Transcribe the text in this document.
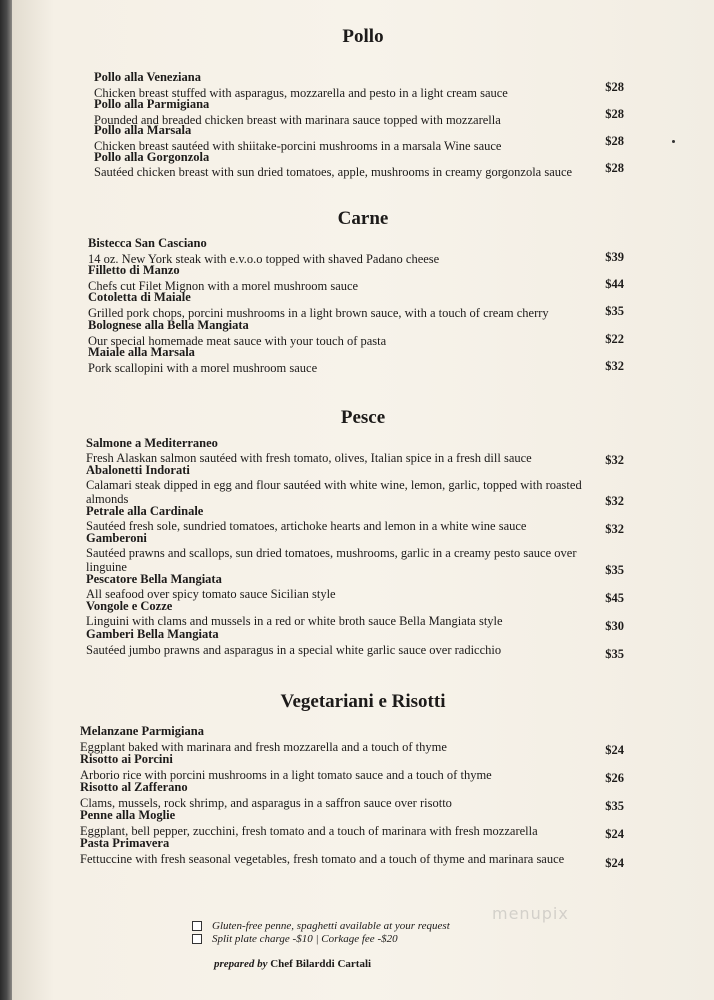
Pollo
Pollo alla Veneziana
Chicken breast stuffed with asparagus, mozzarella and pesto in a light cream sauce	$28
Pollo alla Parmigiana
Pounded and breaded chicken breast with marinara sauce topped with mozzarella	$28
Pollo alla Marsala
Chicken breast sautéed with shiitake-porcini mushrooms in a marsala Wine sauce	$28
Pollo alla Gorgonzola
Sautéed chicken breast with sun dried tomatoes, apple, mushrooms in creamy gorgonzola sauce	$28
Carne
Bistecca San Casciano
14 oz. New York steak with e.v.o.o topped with shaved Padano cheese	$39
Filletto di Manzo
Chefs cut Filet Mignon with a morel mushroom sauce	$44
Cotoletta di Maiale
Grilled pork chops, porcini mushrooms in a light brown sauce, with a touch of cream cherry	$35
Bolognese alla Bella Mangiata
Our special homemade meat sauce with your touch of pasta	$22
Maiale alla Marsala
Pork scallopini with a morel mushroom sauce	$32
Pesce
Salmone a Mediterraneo
Fresh Alaskan salmon sautéed with fresh tomato, olives, Italian spice in a fresh dill sauce	$32
Abalonetti Indorati
Calamari steak dipped in egg and flour sautéed with white wine, lemon, garlic, topped with roasted almonds	$32
Petrale alla Cardinale
Sautéed fresh sole, sundried tomatoes, artichoke hearts and lemon in a white wine sauce	$32
Gamberoni
Sautéed prawns and scallops, sun dried tomatoes, mushrooms, garlic in a creamy pesto sauce over linguine	$35
Pescatore Bella Mangiata
All seafood over spicy tomato sauce Sicilian style	$45
Vongole e Cozze
Linguini with clams and mussels in a red or white broth sauce Bella Mangiata style	$30
Gamberi Bella Mangiata
Sautéed jumbo prawns and asparagus in a special white garlic sauce over radicchio	$35
Vegetariani e Risotti
Melanzane Parmigiana
Eggplant baked with marinara and fresh mozzarella and a touch of thyme	$24
Risotto ai Porcini
Arborio rice with porcini mushrooms in a light tomato sauce and a touch of thyme	$26
Risotto al Zafferano
Clams, mussels, rock shrimp, and asparagus in a saffron sauce over risotto	$35
Penne alla Moglie
Eggplant, bell pepper, zucchini, fresh tomato and a touch of marinara with fresh mozzarella	$24
Pasta Primavera
Fettuccine with fresh seasonal vegetables, fresh tomato and a touch of thyme and marinara sauce	$24
Gluten-free penne, spaghetti available at your request
Split plate charge -$10 | Corkage fee -$20
prepared by Chef Bilarddi Cartali
menupix
